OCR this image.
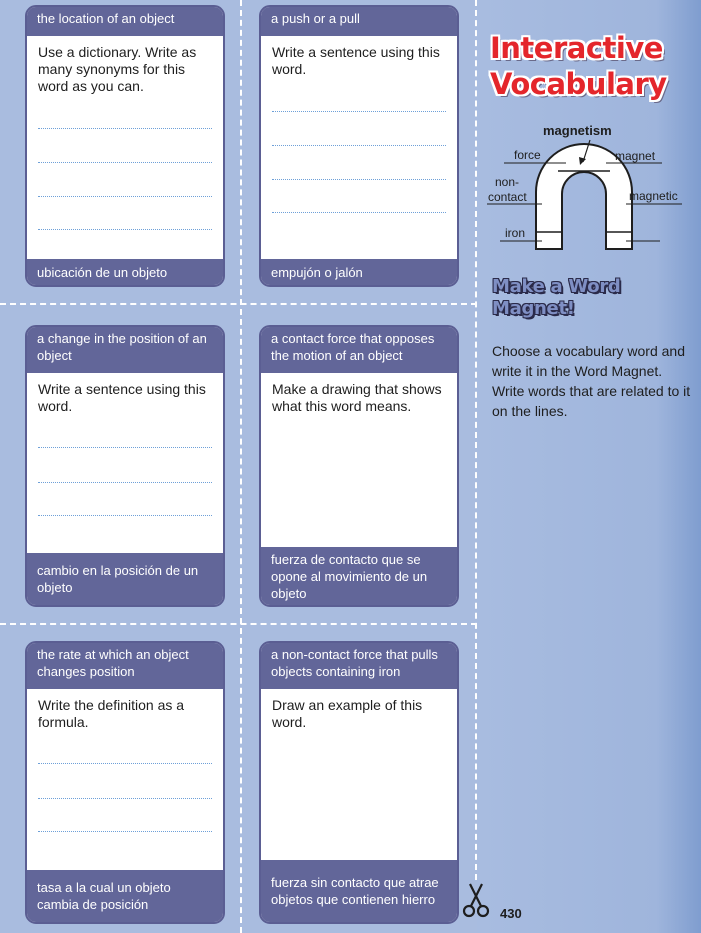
the location of an object
Use a dictionary. Write as many synonyms for this word as you can.
ubicación de un objeto
a push or a pull
Write a sentence using this word.
empujón o jalón
a change in the position of an object
Write a sentence using this word.
cambio en la posición de un objeto
a contact force that opposes the motion of an object
Make a drawing that shows what this word means.
fuerza de contacto que se opone al movimiento de un objeto
the rate at which an object changes position
Write the definition as a formula.
tasa a la cual un objeto cambia de posición
a non-contact force that pulls objects containing iron
Draw an example of this word.
fuerza sin contacto que atrae objetos que contienen hierro
Interactive
Vocabulary
magnetism
force	magnet
non-
contact	magnetic
iron
Make a Word
Magnet!
Choose a vocabulary word and write it in the Word Magnet. Write words that are related to it on the lines.
430
